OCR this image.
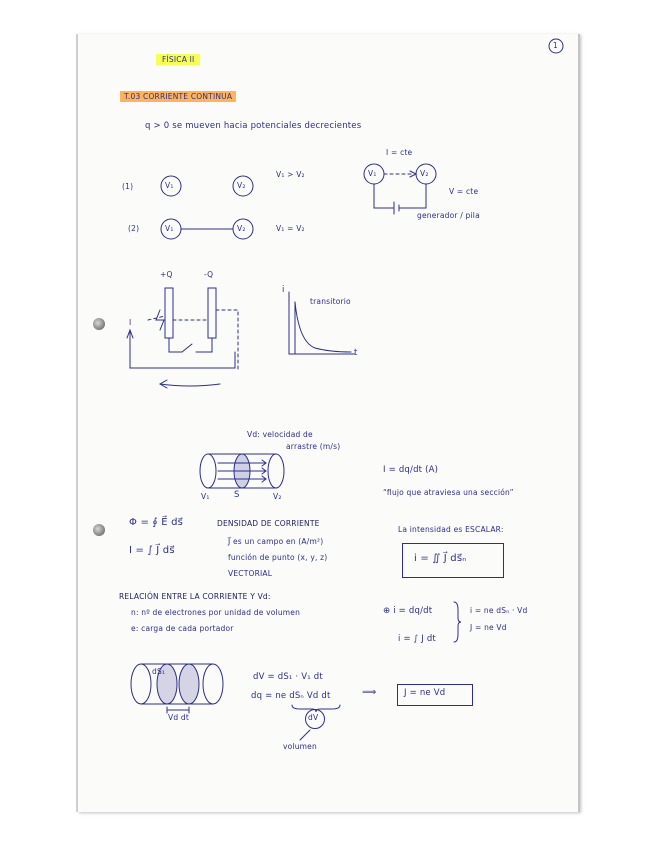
1
FÍSICA II
T.03 CORRIENTE CONTINUA
q > 0 se mueven hacia potenciales decrecientes
(1)
(2)
V₁	V₂
V₁	V₂
V₁ > V₂
V₁ = V₂
I = cte
V₁	V₂
V = cte
generador / pila
+Q	-Q
I
i
transitorio
t
Vd: velocidad de
arrastre (m/s)
V₁	S	V₂
I = dq/dt (A)
“flujo que atraviesa una sección”
Φ = ∮ E⃗ ds⃗
I = ∫ J⃗ ds⃗
DENSIDAD DE CORRIENTE
J⃗ es un campo en (A/m²)
función de punto (x, y, z)
VECTORIAL
La intensidad es ESCALAR:
i = ∬ J⃗ ds⃗ₙ
RELACIÓN ENTRE LA CORRIENTE Y Vd:
n: nº de electrones por unidad de volumen
e: carga de cada portador
⊕ i = dq/dt
i = ∫ J dt
i = ne dSₙ · Vd
J = ne Vd
dS₁
Vd dt
dV = dS₁ · V₁ dt
dq = ne dSₙ Vd dt	⟹	J = ne Vd
dV
volumen
